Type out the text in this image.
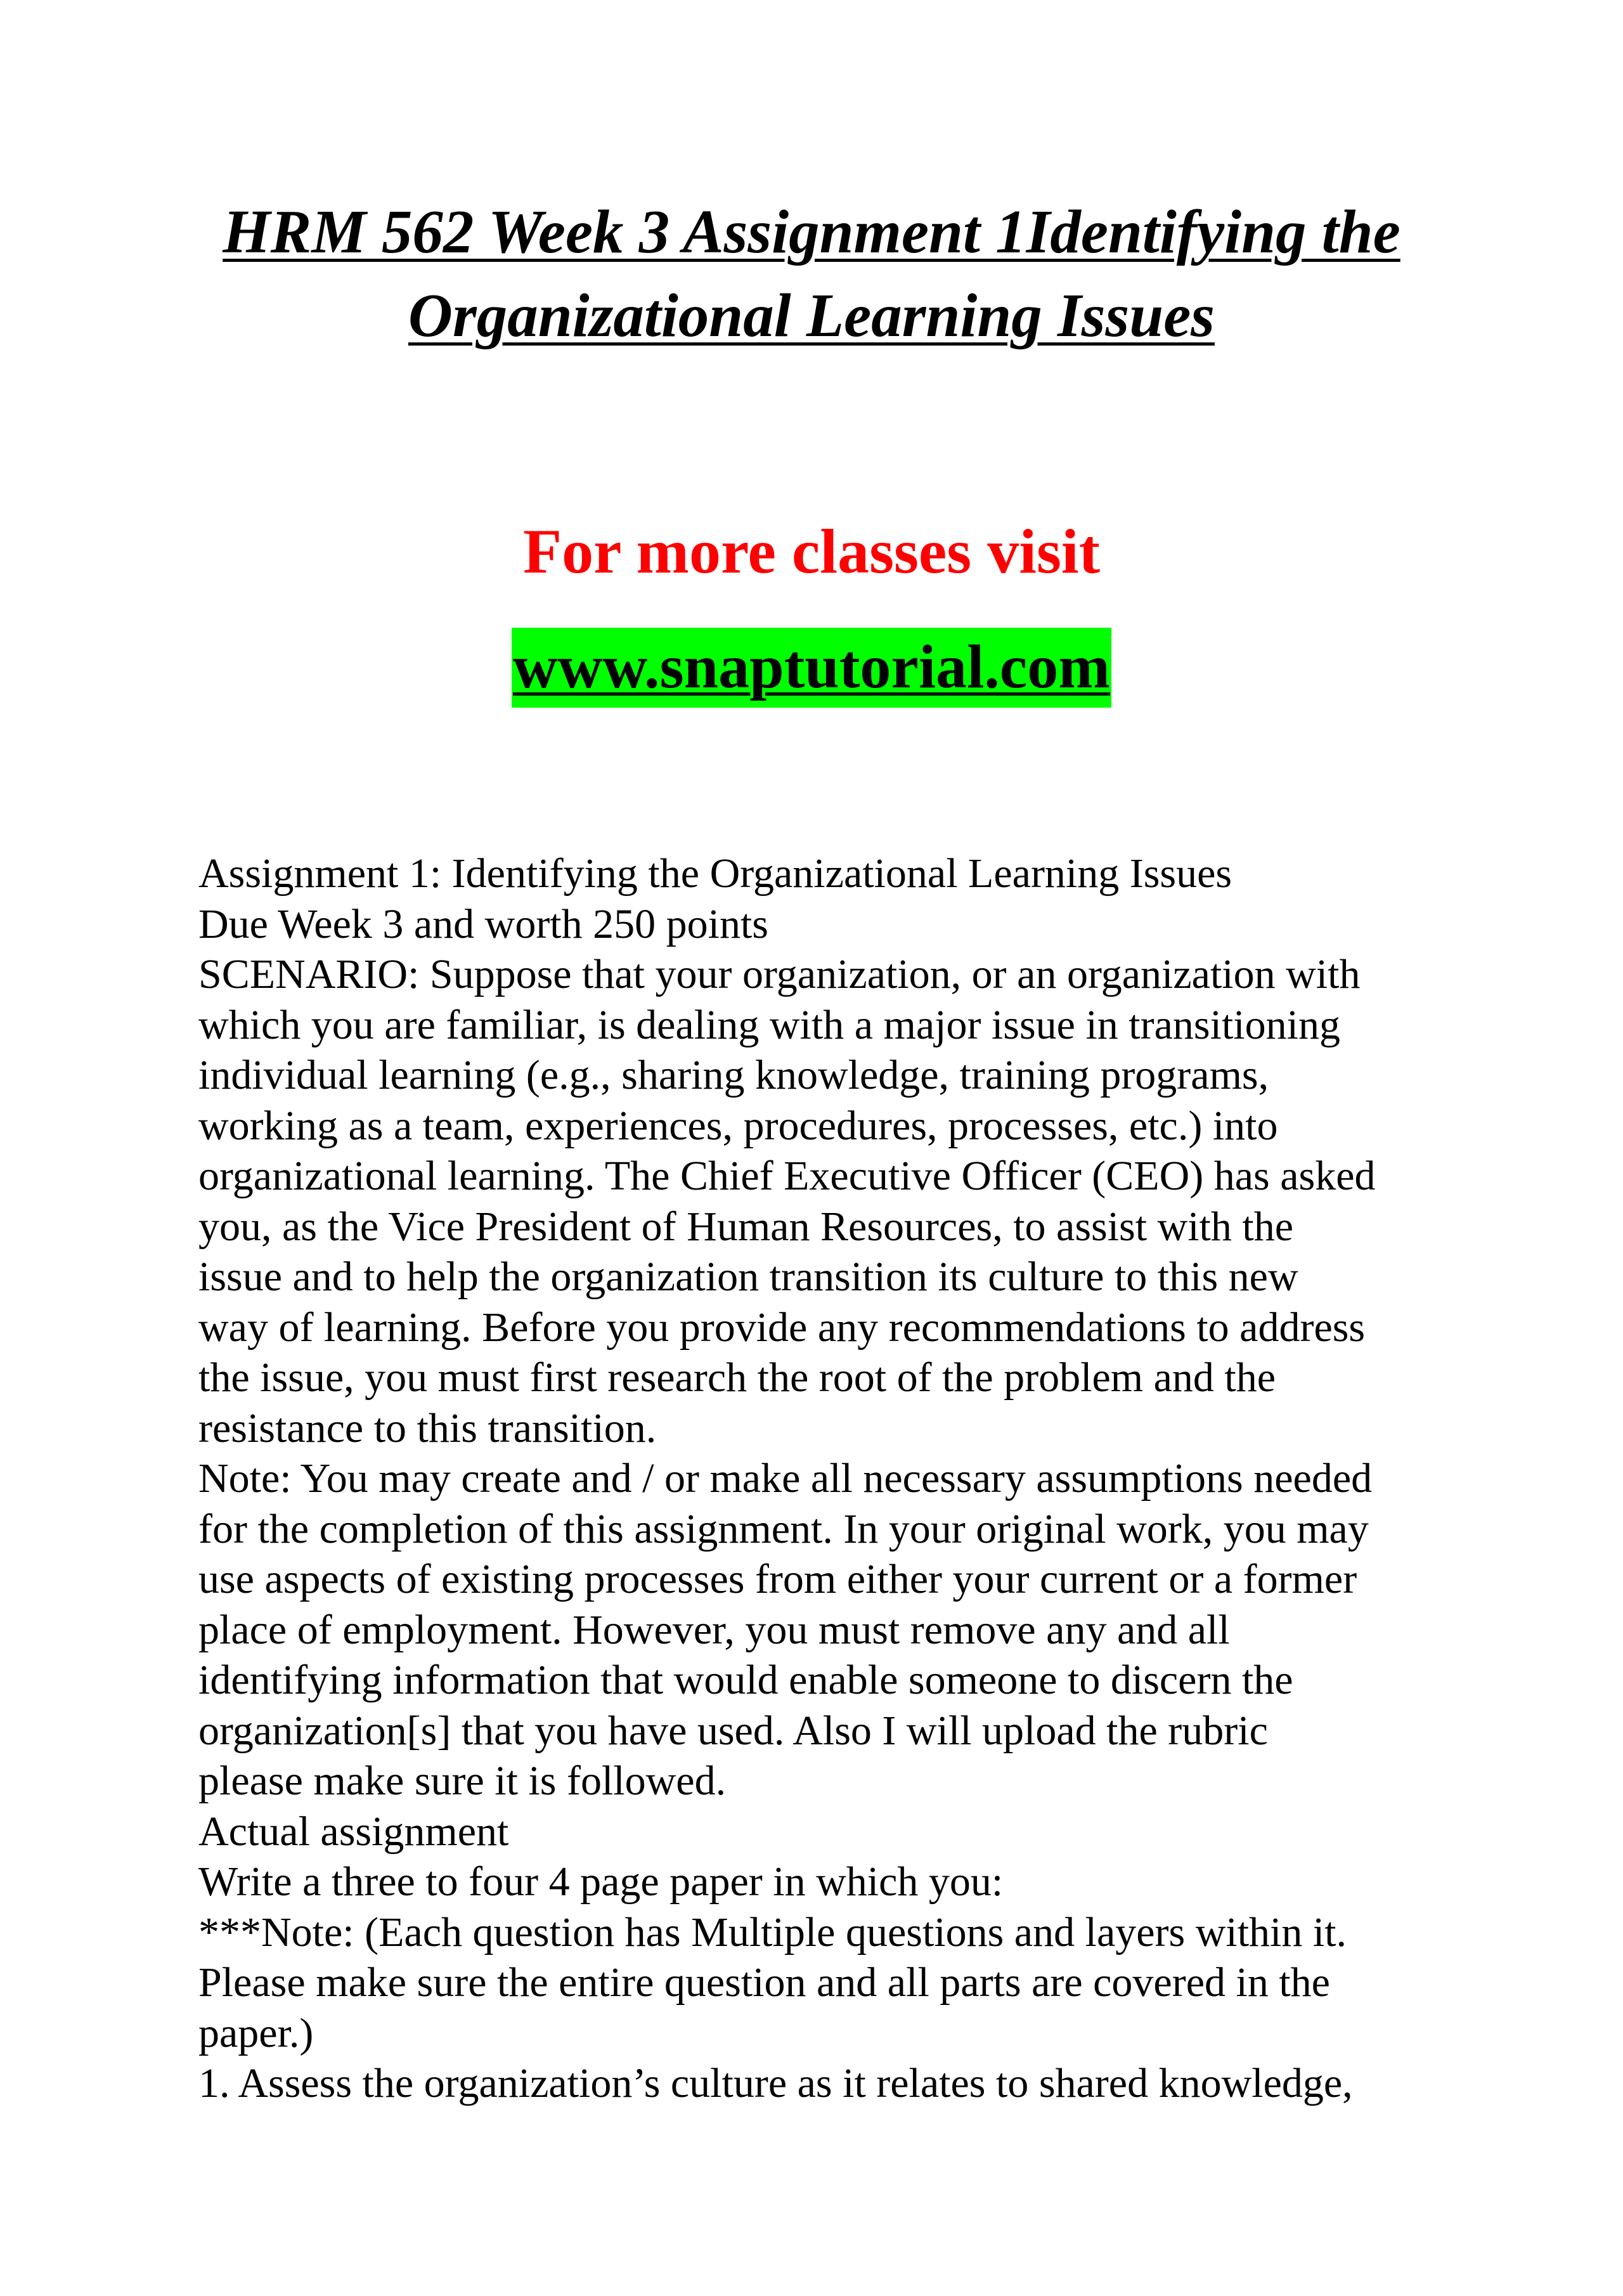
HRM 562 Week 3 Assignment 1Identifying the
Organizational Learning Issues
For more classes visit
www.snaptutorial.com
Assignment 1: Identifying the Organizational Learning Issues
Due Week 3 and worth 250 points
SCENARIO: Suppose that your organization, or an organization with
which you are familiar, is dealing with a major issue in transitioning
individual learning (e.g., sharing knowledge, training programs,
working as a team, experiences, procedures, processes, etc.) into
organizational learning. The Chief Executive Officer (CEO) has asked
you, as the Vice President of Human Resources, to assist with the
issue and to help the organization transition its culture to this new
way of learning. Before you provide any recommendations to address
the issue, you must first research the root of the problem and the
resistance to this transition.
Note: You may create and / or make all necessary assumptions needed
for the completion of this assignment. In your original work, you may
use aspects of existing processes from either your current or a former
place of employment. However, you must remove any and all
identifying information that would enable someone to discern the
organization[s] that you have used. Also I will upload the rubric
please make sure it is followed.
Actual assignment
Write a three to four 4 page paper in which you:
***Note: (Each question has Multiple questions and layers within it.
Please make sure the entire question and all parts are covered in the
paper.)
1. Assess the organization’s culture as it relates to shared knowledge,
